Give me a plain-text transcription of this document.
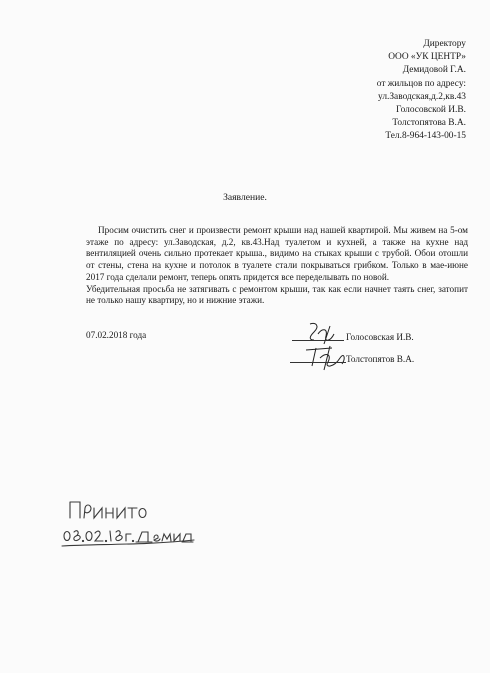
Директору
ООО «УК ЦЕНТР»
Демидовой Г.А.
от жильцов по адресу:
ул.Заводская,д.2,кв.43
Голосовской И.В.
Толстопятова В.А.
Тел.8-964-143-00-15
Заявление.

Просим очистить снег и произвести ремонт крыши над нашей квартирой. Мы живем на 5-ом этаже по адресу: ул.Заводская, д.2, кв.43.Над туалетом и кухней, а также на кухне над вентиляцией очень сильно протекает крыша., видимо на стыках крыши с трубой. Обои отошли от стены, стена на кухне и потолок в туалете стали покрываться грибком. Только в мае-июне 2017 года сделали ремонт, теперь опять придется все переделывать по новой.

Убедительная просьба не затягивать с ремонтом крыши, так как если начнет таять снег, затопит не только нашу квартиру, но и нижние этажи.

07.02.2018 года	Голосовская И.В.
Толстопятов В.А.
